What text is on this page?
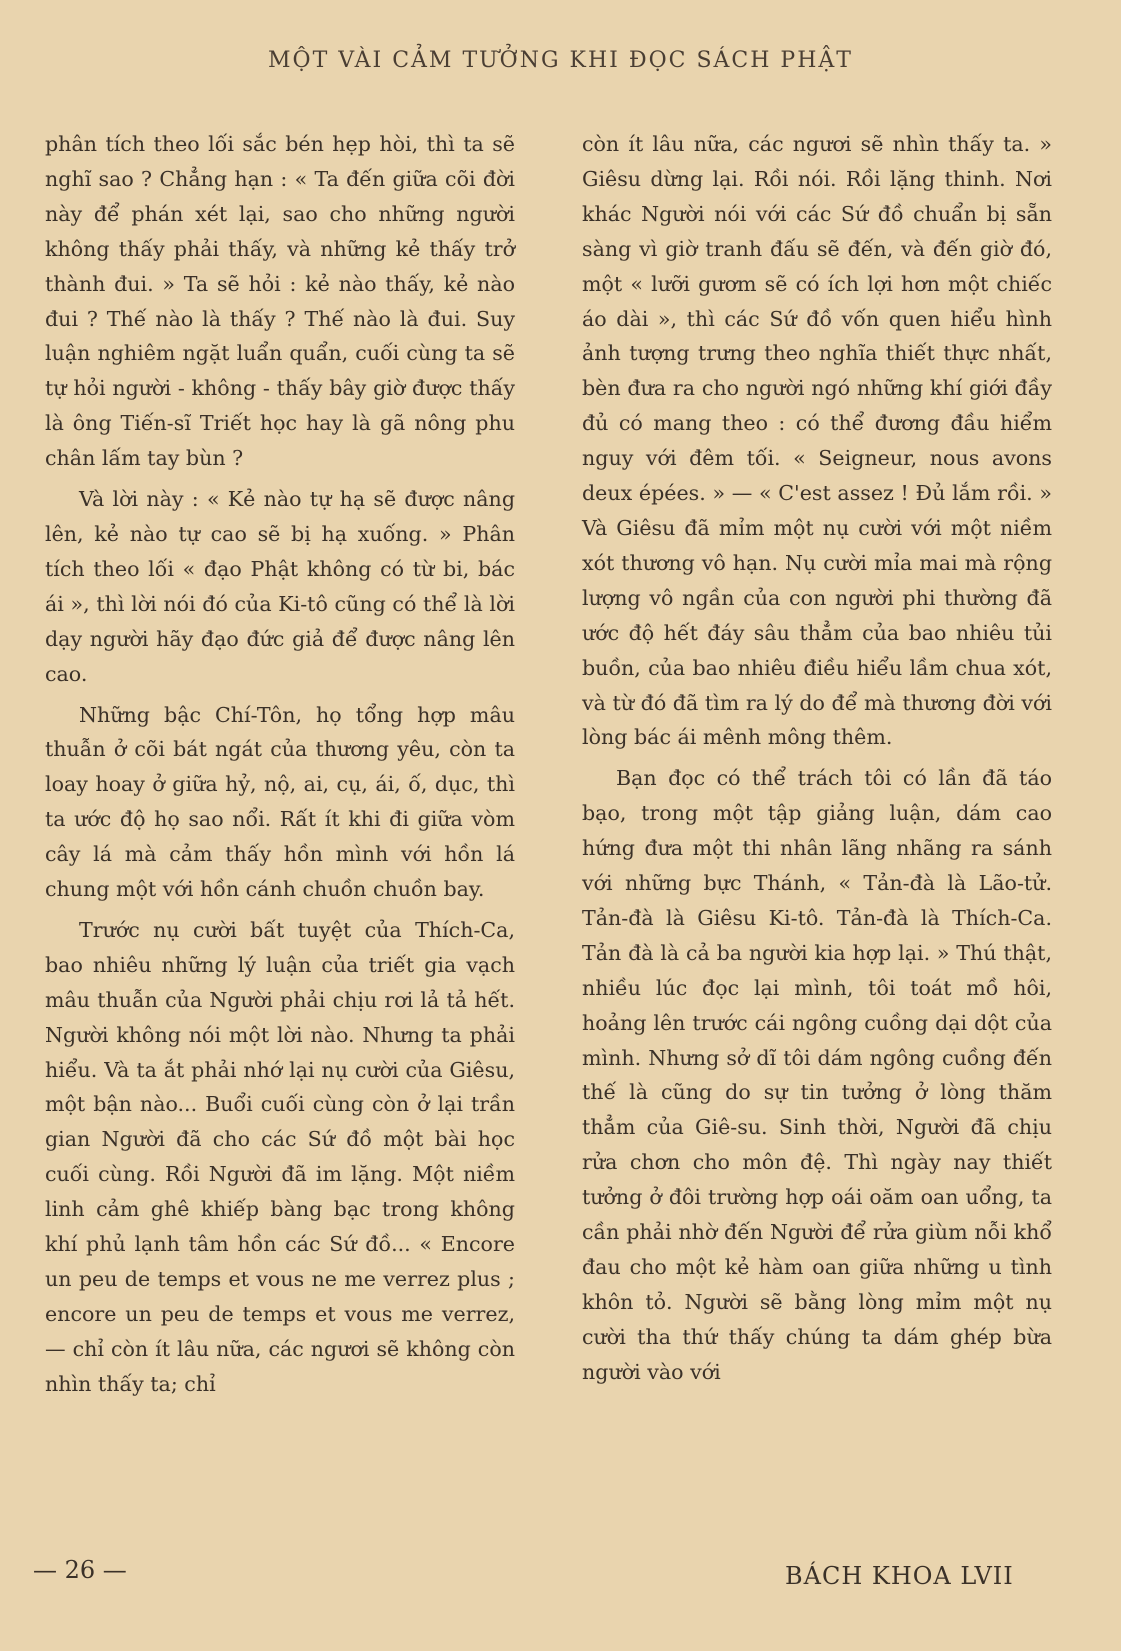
MỘT VÀI CẢM TƯỞNG KHI ĐỌC SÁCH PHẬT

phân tích theo lối sắc bén hẹp hòi, thì ta sẽ nghĩ sao ? Chẳng hạn : « Ta đến giữa cõi đời này để phán xét lại, sao cho những người không thấy phải thấy, và những kẻ thấy trở thành đui. » Ta sẽ hỏi : kẻ nào thấy, kẻ nào đui ? Thế nào là thấy ? Thế nào là đui. Suy luận nghiêm ngặt luẩn quẩn, cuối cùng ta sẽ tự hỏi người - không - thấy bây giờ được thấy là ông Tiến-sĩ Triết học hay là gã nông phu chân lấm tay bùn ?

Và lời này : « Kẻ nào tự hạ sẽ được nâng lên, kẻ nào tự cao sẽ bị hạ xuống. » Phân tích theo lối « đạo Phật không có từ bi, bác ái », thì lời nói đó của Ki-tô cũng có thể là lời dạy người hãy đạo đức giả để được nâng lên cao.

Những bậc Chí-Tôn, họ tổng hợp mâu thuẫn ở cõi bát ngát của thương yêu, còn ta loay hoay ở giữa hỷ, nộ, ai, cụ, ái, ố, dục, thì ta ước độ họ sao nổi. Rất ít khi đi giữa vòm cây lá mà cảm thấy hồn mình với hồn lá chung một với hồn cánh chuồn chuồn bay.

Trước nụ cười bất tuyệt của Thích-Ca, bao nhiêu những lý luận của triết gia vạch mâu thuẫn của Người phải chịu rơi lả tả hết. Người không nói một lời nào. Nhưng ta phải hiểu. Và ta ắt phải nhớ lại nụ cười của Giêsu, một bận nào... Buổi cuối cùng còn ở lại trần gian Người đã cho các Sứ đồ một bài học cuối cùng. Rồi Người đã im lặng. Một niềm linh cảm ghê khiếp bàng bạc trong không khí phủ lạnh tâm hồn các Sứ đồ... « Encore un peu de temps et vous ne me verrez plus ; encore un peu de temps et vous me verrez, — chỉ còn ít lâu nữa, các ngươi sẽ không còn nhìn thấy ta; chỉ

còn ít lâu nữa, các ngươi sẽ nhìn thấy ta. » Giêsu dừng lại. Rồi nói. Rồi lặng thinh. Nơi khác Người nói với các Sứ đồ chuẩn bị sẵn sàng vì giờ tranh đấu sẽ đến, và đến giờ đó, một « lưỡi gươm sẽ có ích lợi hơn một chiếc áo dài », thì các Sứ đồ vốn quen hiểu hình ảnh tượng trưng theo nghĩa thiết thực nhất, bèn đưa ra cho người ngó những khí giới đầy đủ có mang theo : có thể đương đầu hiểm nguy với đêm tối. « Seigneur, nous avons deux épées. » — « C'est assez ! Đủ lắm rồi. » Và Giêsu đã mỉm một nụ cười với một niềm xót thương vô hạn. Nụ cười mỉa mai mà rộng lượng vô ngần của con người phi thường đã ước độ hết đáy sâu thẳm của bao nhiêu tủi buồn, của bao nhiêu điều hiểu lầm chua xót, và từ đó đã tìm ra lý do để mà thương đời với lòng bác ái mênh mông thêm.

Bạn đọc có thể trách tôi có lần đã táo bạo, trong một tập giảng luận, dám cao hứng đưa một thi nhân lãng nhãng ra sánh với những bực Thánh, « Tản-đà là Lão-tử. Tản-đà là Giêsu Ki-tô. Tản-đà là Thích-Ca. Tản đà là cả ba người kia hợp lại. » Thú thật, nhiều lúc đọc lại mình, tôi toát mồ hôi, hoảng lên trước cái ngông cuồng dại dột của mình. Nhưng sở dĩ tôi dám ngông cuồng đến thế là cũng do sự tin tưởng ở lòng thăm thẳm của Giê-su. Sinh thời, Người đã chịu rửa chơn cho môn đệ. Thì ngày nay thiết tưởng ở đôi trường hợp oái oăm oan uổng, ta cần phải nhờ đến Người để rửa giùm nỗi khổ đau cho một kẻ hàm oan giữa những u tình khôn tỏ. Người sẽ bằng lòng mỉm một nụ cười tha thứ thấy chúng ta dám ghép bừa người vào với

— 26 —	BÁCH KHOA LVII
